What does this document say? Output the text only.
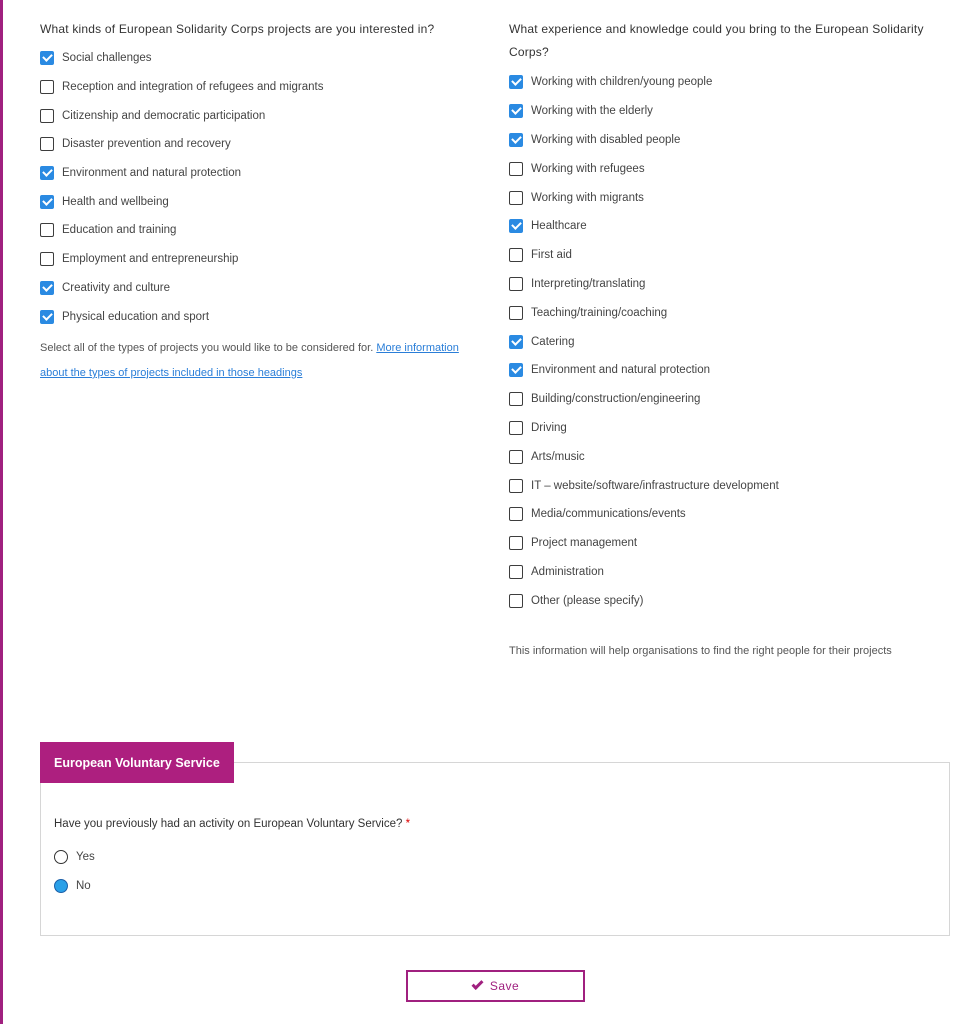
What kinds of European Solidarity Corps projects are you interested in?
Social challenges
Reception and integration of refugees and migrants
Citizenship and democratic participation
Disaster prevention and recovery
Environment and natural protection
Health and wellbeing
Education and training
Employment and entrepreneurship
Creativity and culture
Physical education and sport
Select all of the types of projects you would like to be considered for. More information about the types of projects included in those headings
What experience and knowledge could you bring to the European Solidarity Corps?
Working with children/young people
Working with the elderly
Working with disabled people
Working with refugees
Working with migrants
Healthcare
First aid
Interpreting/translating
Teaching/training/coaching
Catering
Environment and natural protection
Building/construction/engineering
Driving
Arts/music
IT – website/software/infrastructure development
Media/communications/events
Project management
Administration
Other (please specify)
This information will help organisations to find the right people for their projects
European Voluntary Service
Have you previously had an activity on European Voluntary Service? *
Yes
No
Save
